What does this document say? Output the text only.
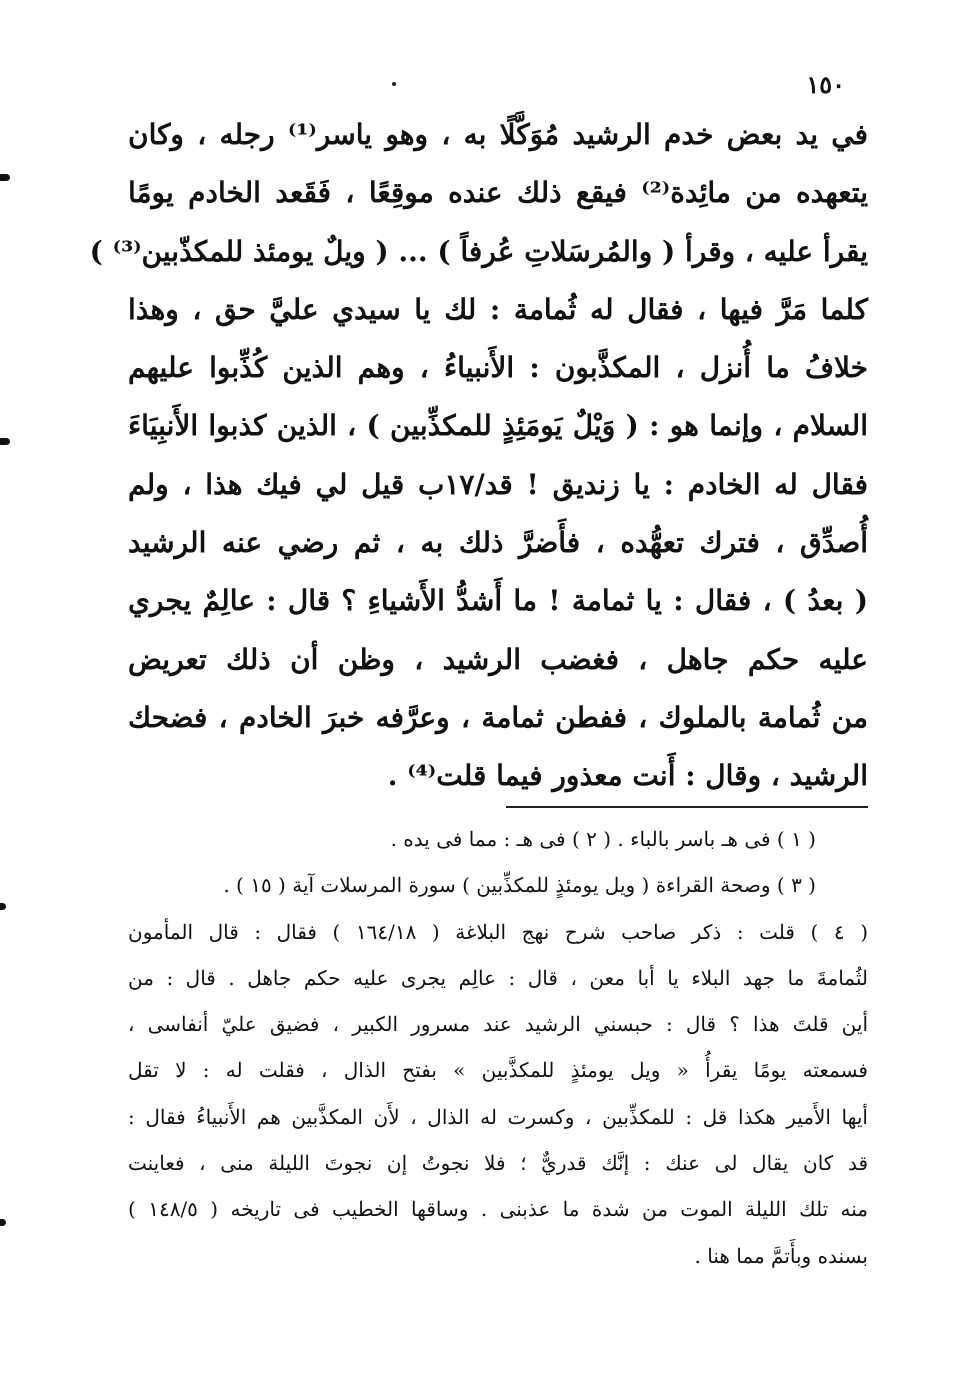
١٥٠
في يد بعض خدم الرشيد مُوَكَّلًا به ، وهو ياسر⁽¹⁾ رجله ، وكان
يتعهده من مائِدة⁽²⁾ فيقع ذلك عنده موقِعًا ، فَقَعد الخادم يومًا
يقرأ عليه ، وقرأ ( والمُرسَلاتِ عُرفاً ) ... ( ويلٌ يومئذ للمكذّبين⁽³⁾ )
كلما مَرَّ فيها ، فقال له ثُمامة : لك يا سيدي عليَّ حق ، وهذا
خلافُ ما أُنزل ، المكذَّبون : الأَنبياءُ ، وهم الذين كُذِّبوا عليهم
السلام ، وإنما هو : ( وَيْلٌ يَومَئِذٍ للمكذِّبين ) ، الذين كذبوا الأَنبِيَاءَ
فقال له الخادم : يا زنديق ! قد/١٧ب قيل لي فيك هذا ، ولم
أُصدِّق ، فترك تعهُّده ، فأَضرَّ ذلك به ، ثم رضي عنه الرشيد
( بعدُ ) ، فقال : يا ثمامة ! ما أَشدُّ الأَشياءِ ؟ قال : عالِمٌ يجري
عليه حكم جاهل ، فغضب الرشيد ، وظن أن ذلك تعريض
من ثُمامة بالملوك ، ففطن ثمامة ، وعرَّفه خبرَ الخادم ، فضحك
الرشيد ، وقال : أَنت معذور فيما قلت⁽⁴⁾ .
( ١ ) فى هـ باسر بالباء . ( ٢ ) فى هـ : مما فى يده .
( ٣ ) وصحة القراءة ( ويل يومئذٍ للمكذِّبين ) سورة المرسلات آية ( ١٥ ) .
( ٤ ) قلت : ذكر صاحب شرح نهج البلاغة ( ١٦٤/١٨ ) فقال : قال المأمون
لثُمامةَ ما جهد البلاء يا أبا معن ، قال : عالِم يجرى عليه حكم جاهل . قال : من
أين قلتَ هذا ؟ قال : حبسني الرشيد عند مسرور الكبير ، فضيق عليّ أنفاسى ،
فسمعته يومًا يقرأُ « ويل يومئذٍ للمكذَّبين » بفتح الذال ، فقلت له : لا تقل
أيها الأَمير هكذا قل : للمكذِّبين ، وكسرت له الذال ، لأَن المكذَّبين هم الأَنبياءُ فقال :
قد كان يقال لى عنك : إنَّك قدريٌّ ؛ فلا نجوتُ إن نجوتَ الليلة منى ، فعاينت
منه تلك الليلة الموت من شدة ما عذبنى . وساقها الخطيب فى تاريخه ( ١٤٨/٥ )
بسنده وبأَتمَّ مما هنا .
